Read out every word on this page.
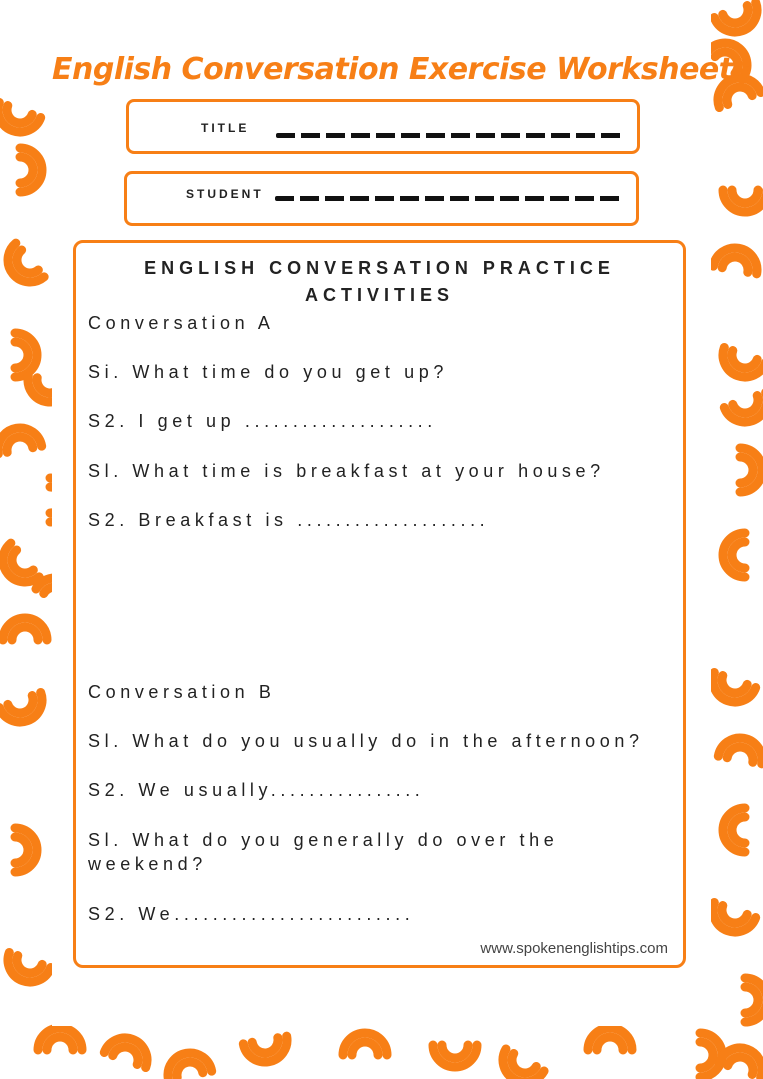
English Conversation Exercise Worksheets
TITLE
STUDENT
ENGLISH CONVERSATION PRACTICE
ACTIVITIES
Conversation A
Si. What time do you get up?
S2. I get up ....................
Sl. What time is breakfast at your house?
S2. Breakfast is ....................
Conversation B
Sl. What do you usually do in the afternoon?
S2. We usually................
Sl. What do you generally do over the weekend?
S2. We.........................
www.spokenenglishtips.com
